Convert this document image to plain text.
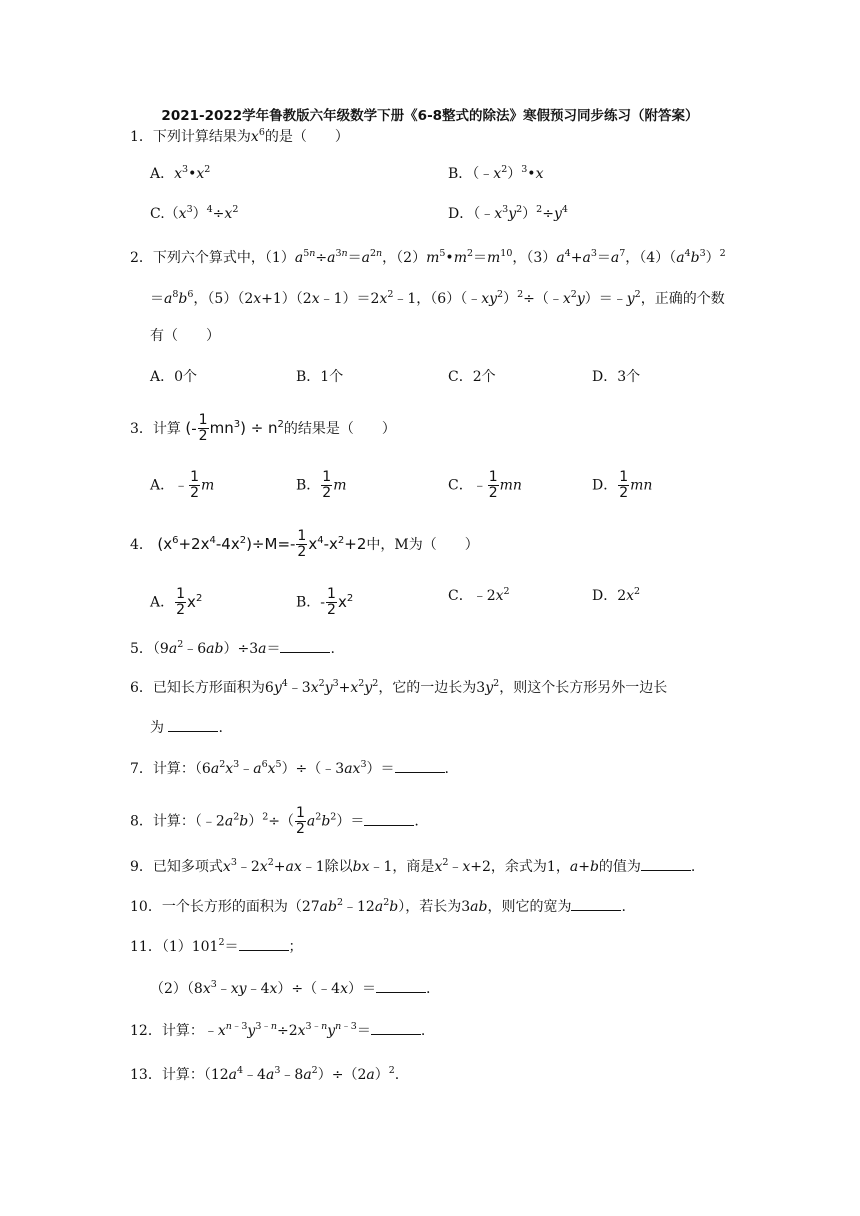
2021-2022学年鲁教版六年级数学下册《6-8整式的除法》寒假预习同步练习（附答案）
1．下列计算结果为$x^6$的是（　　）
A．$x^3•x^2$	B．$(﹣x^2)^3•x$
$C.(x^3)^4\div x^2$	D．$(﹣x^3y^2)^2\div y^4$
2．下列六个算式中，$(1)a^{5n}\div a^{3n}=a^{2n}$，$(2)m^5•m^2=m^{10}$，$(3)a^4+a^3=a^7$，$(4)(a^4b^3)^2$
$=a^8b^6$，$(5)(2x+1)(2x﹣1)=2x^2﹣1$，$(6)(﹣xy^2)^2\div(﹣x^2y)=﹣y^2$，正确的个数
有（　　）
A．0个	B．1个	C．2个	D．3个
3．计算 (- $\frac{1}{2} mn^3) \div n^2$的结果是（　　）
A．﹣ $\frac{1}{2}$ m	B． $\frac{1}{2}$ m	C．﹣ $\frac{1}{2}$ mn	D． $\frac{1}{2}$ mn
4． $(x^6+2x^4-4x^2)\div M=- \frac{1}{2} x^4-x^2+2$中，M为（　　）
A． $\frac{1}{2} x^2$	B．- $\frac{1}{2} x^2$	C．$﹣2x^2$	D．$2x^2$
5．$(9a^2﹣6ab)\div 3a=$	.
6．已知长方形面积为$6y^4﹣3x^2y^3+x^2y^2$，它的一边长为$3y^2$，则这个长方形另外一边长
为	.
7．计算：$(6a^2x^3﹣a^6x^5)\div(﹣3ax^3)=$	.
8．计算：$(﹣2a^2b)^2\div( \frac{1}{2} a^2b^2)=$	.
9．已知多项式$x^3﹣2x^2+ax﹣1$除以bx﹣1，商是$x^2﹣x+2$，余式为1，a+b的值为	.
10．一个长方形的面积为$(27ab^2﹣12a^2b)$，若长为3ab，则它的宽为	.
11．$(1)101^2=$	；
$(2)(8x^3﹣xy﹣4x)\div(﹣4x)=$	.
12．计算：$﹣x^{n﹣3}y^{3﹣n}\div 2x^{3﹣n}y^{n﹣3}=$	.
13．计算：$(12a^4﹣4a^3﹣8a^2)\div(2a)^2$.
